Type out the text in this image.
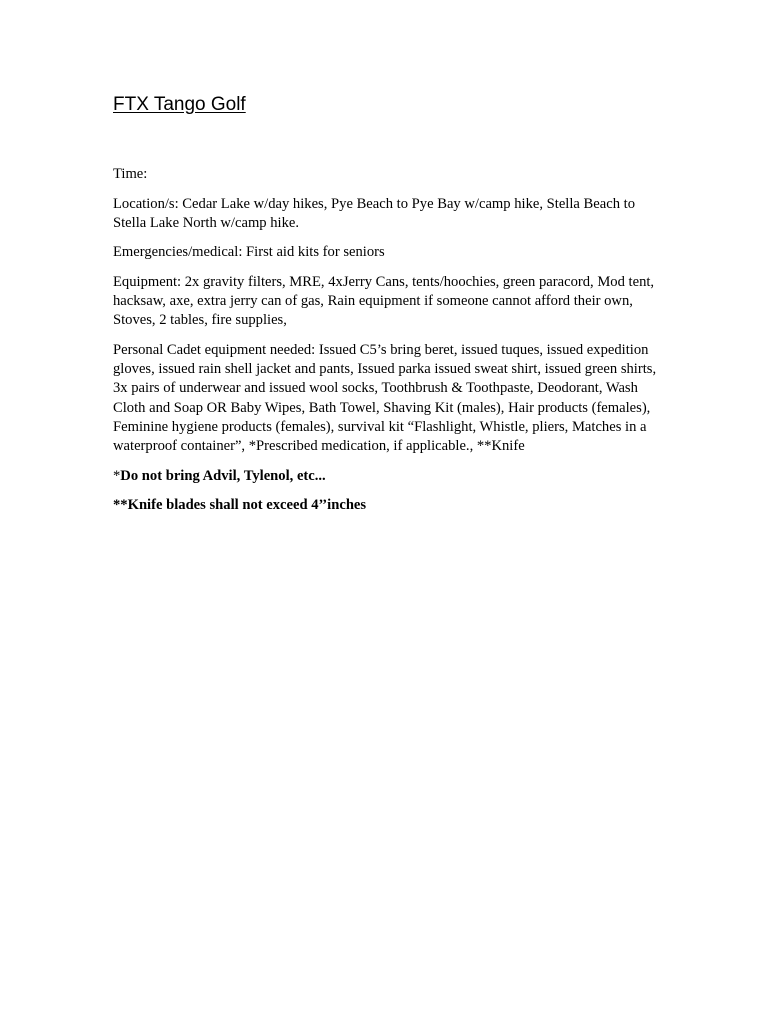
FTX Tango Golf

Time:

Location/s: Cedar Lake w/day hikes, Pye Beach to Pye Bay w/camp hike, Stella Beach to Stella Lake North w/camp hike.

Emergencies/medical: First aid kits for seniors

Equipment: 2x gravity filters, MRE, 4xJerry Cans, tents/hoochies, green paracord, Mod tent, hacksaw, axe, extra jerry can of gas, Rain equipment if someone cannot afford their own, Stoves, 2 tables, fire supplies,

Personal Cadet equipment needed: Issued C5’s bring beret, issued tuques, issued expedition gloves, issued rain shell jacket and pants, Issued parka issued sweat shirt, issued green shirts, 3x pairs of underwear and issued wool socks, Toothbrush & Toothpaste, Deodorant, Wash Cloth and Soap OR Baby Wipes, Bath Towel, Shaving Kit (males), Hair products (females), Feminine hygiene products (females), survival kit “Flashlight, Whistle, pliers, Matches in a waterproof container”, *Prescribed medication, if applicable., **Knife

*Do not bring Advil, Tylenol, etc...

**Knife blades shall not exceed 4’’inches
